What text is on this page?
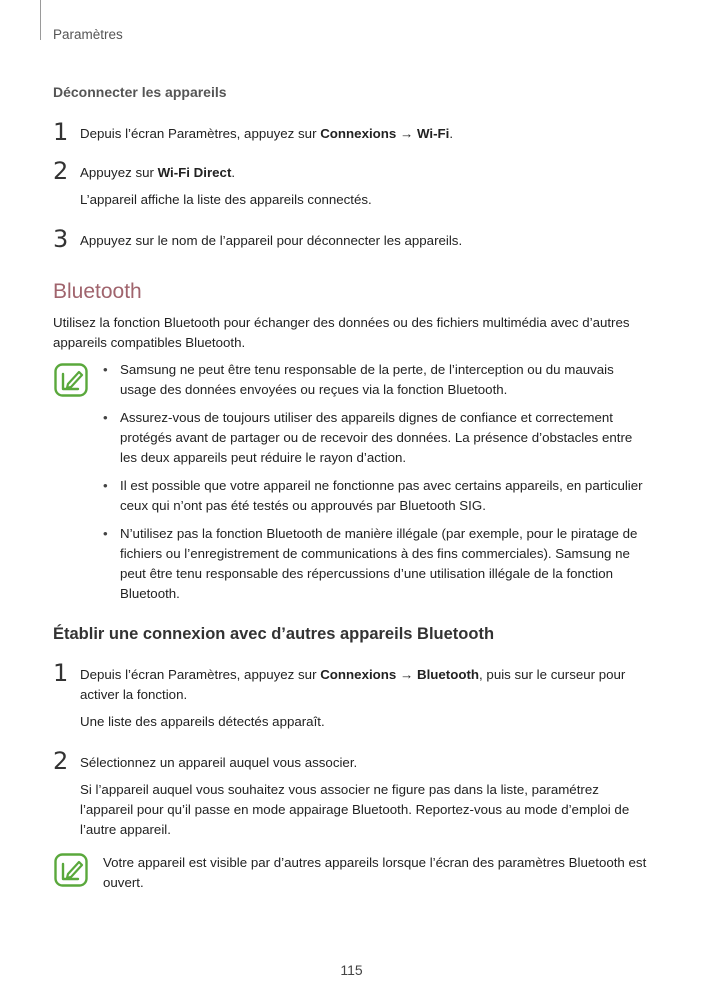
Paramètres
Déconnecter les appareils
1 Depuis l’écran Paramètres, appuyez sur Connexions → Wi-Fi.
2 Appuyez sur Wi-Fi Direct.
L’appareil affiche la liste des appareils connectés.
3 Appuyez sur le nom de l’appareil pour déconnecter les appareils.
Bluetooth
Utilisez la fonction Bluetooth pour échanger des données ou des fichiers multimédia avec d’autres appareils compatibles Bluetooth.
• Samsung ne peut être tenu responsable de la perte, de l’interception ou du mauvais usage des données envoyées ou reçues via la fonction Bluetooth.
• Assurez-vous de toujours utiliser des appareils dignes de confiance et correctement protégés avant de partager ou de recevoir des données. La présence d’obstacles entre les deux appareils peut réduire le rayon d’action.
• Il est possible que votre appareil ne fonctionne pas avec certains appareils, en particulier ceux qui n’ont pas été testés ou approuvés par Bluetooth SIG.
• N’utilisez pas la fonction Bluetooth de manière illégale (par exemple, pour le piratage de fichiers ou l’enregistrement de communications à des fins commerciales). Samsung ne peut être tenu responsable des répercussions d’une utilisation illégale de la fonction Bluetooth.
Établir une connexion avec d’autres appareils Bluetooth
1 Depuis l’écran Paramètres, appuyez sur Connexions → Bluetooth, puis sur le curseur pour activer la fonction.
Une liste des appareils détectés apparaît.
2 Sélectionnez un appareil auquel vous associer.
Si l’appareil auquel vous souhaitez vous associer ne figure pas dans la liste, paramétrez l’appareil pour qu’il passe en mode appairage Bluetooth. Reportez-vous au mode d’emploi de l’autre appareil.
Votre appareil est visible par d’autres appareils lorsque l’écran des paramètres Bluetooth est ouvert.
115
